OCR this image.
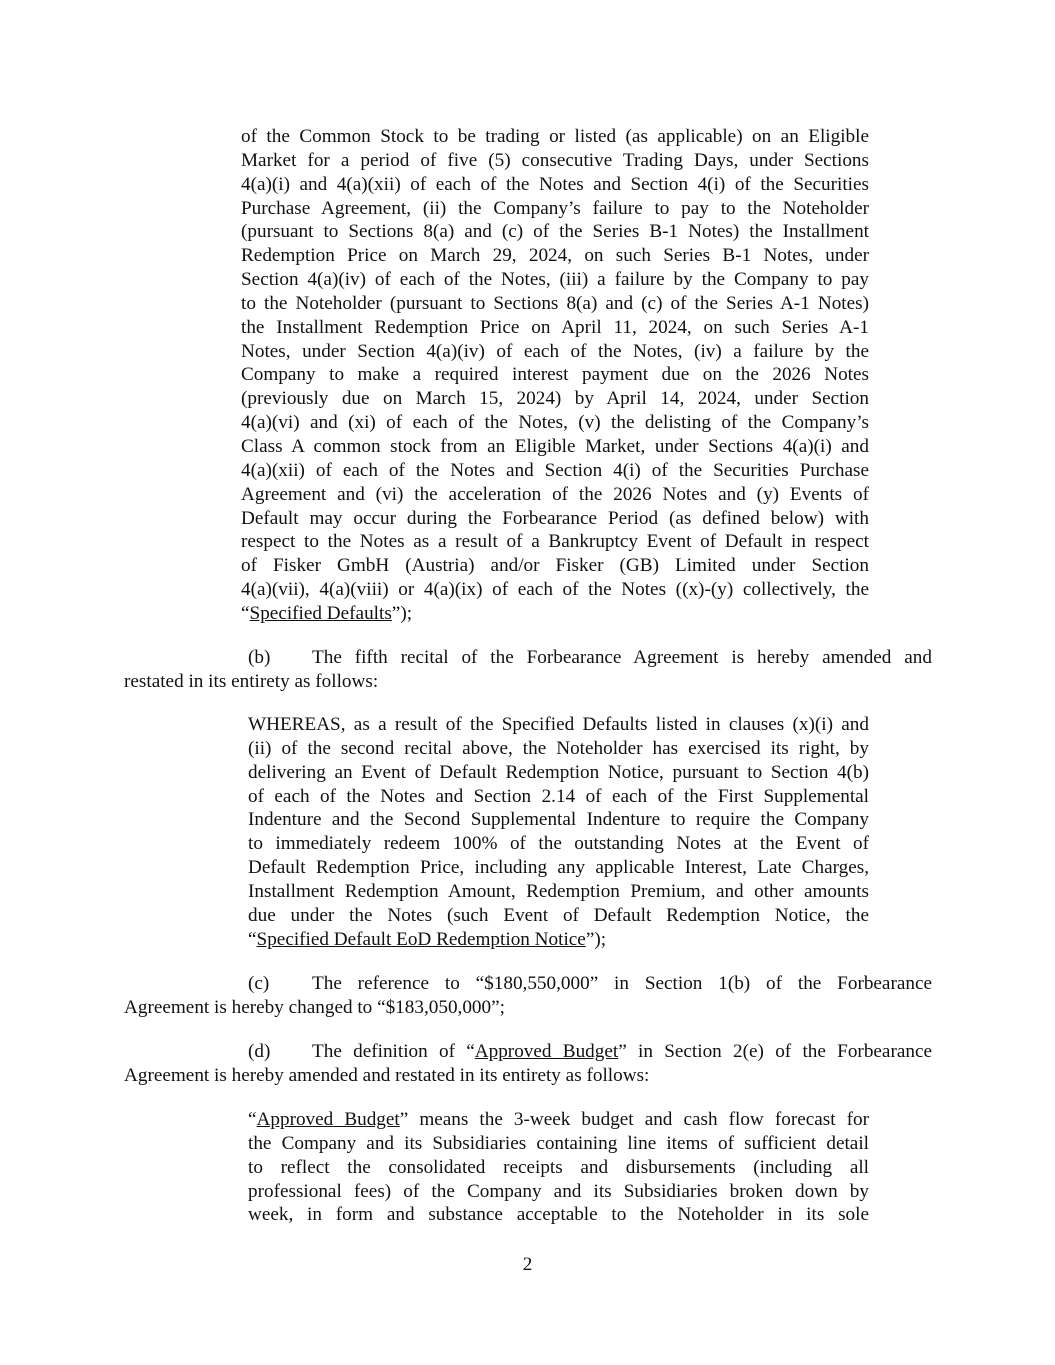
of the Common Stock to be trading or listed (as applicable) on an Eligible
Market for a period of five (5) consecutive Trading Days, under Sections
4(a)(i) and 4(a)(xii) of each of the Notes and Section 4(i) of the Securities
Purchase Agreement, (ii) the Company’s failure to pay to the Noteholder
(pursuant to Sections 8(a) and (c) of the Series B-1 Notes) the Installment
Redemption Price on March 29, 2024, on such Series B-1 Notes, under
Section 4(a)(iv) of each of the Notes, (iii) a failure by the Company to pay
to the Noteholder (pursuant to Sections 8(a) and (c) of the Series A-1 Notes)
the Installment Redemption Price on April 11, 2024, on such Series A-1
Notes, under Section 4(a)(iv) of each of the Notes, (iv) a failure by the
Company to make a required interest payment due on the 2026 Notes
(previously due on March 15, 2024) by April 14, 2024, under Section
4(a)(vi) and (xi) of each of the Notes, (v) the delisting of the Company’s
Class A common stock from an Eligible Market, under Sections 4(a)(i) and
4(a)(xii) of each of the Notes and Section 4(i) of the Securities Purchase
Agreement and (vi) the acceleration of the 2026 Notes and (y) Events of
Default may occur during the Forbearance Period (as defined below) with
respect to the Notes as a result of a Bankruptcy Event of Default in respect
of Fisker GmbH (Austria) and/or Fisker (GB) Limited under Section
4(a)(vii), 4(a)(viii) or 4(a)(ix) of each of the Notes ((x)-(y) collectively, the
“Specified Defaults”);
(b) The fifth recital of the Forbearance Agreement is hereby amended and
restated in its entirety as follows:
WHEREAS, as a result of the Specified Defaults listed in clauses (x)(i) and
(ii) of the second recital above, the Noteholder has exercised its right, by
delivering an Event of Default Redemption Notice, pursuant to Section 4(b)
of each of the Notes and Section 2.14 of each of the First Supplemental
Indenture and the Second Supplemental Indenture to require the Company
to immediately redeem 100% of the outstanding Notes at the Event of
Default Redemption Price, including any applicable Interest, Late Charges,
Installment Redemption Amount, Redemption Premium, and other amounts
due under the Notes (such Event of Default Redemption Notice, the
“Specified Default EoD Redemption Notice”);
(c) The reference to “$180,550,000” in Section 1(b) of the Forbearance
Agreement is hereby changed to “$183,050,000”;
(d) The definition of “Approved Budget” in Section 2(e) of the Forbearance
Agreement is hereby amended and restated in its entirety as follows:
“Approved Budget” means the 3-week budget and cash flow forecast for
the Company and its Subsidiaries containing line items of sufficient detail
to reflect the consolidated receipts and disbursements (including all
professional fees) of the Company and its Subsidiaries broken down by
week, in form and substance acceptable to the Noteholder in its sole
2
